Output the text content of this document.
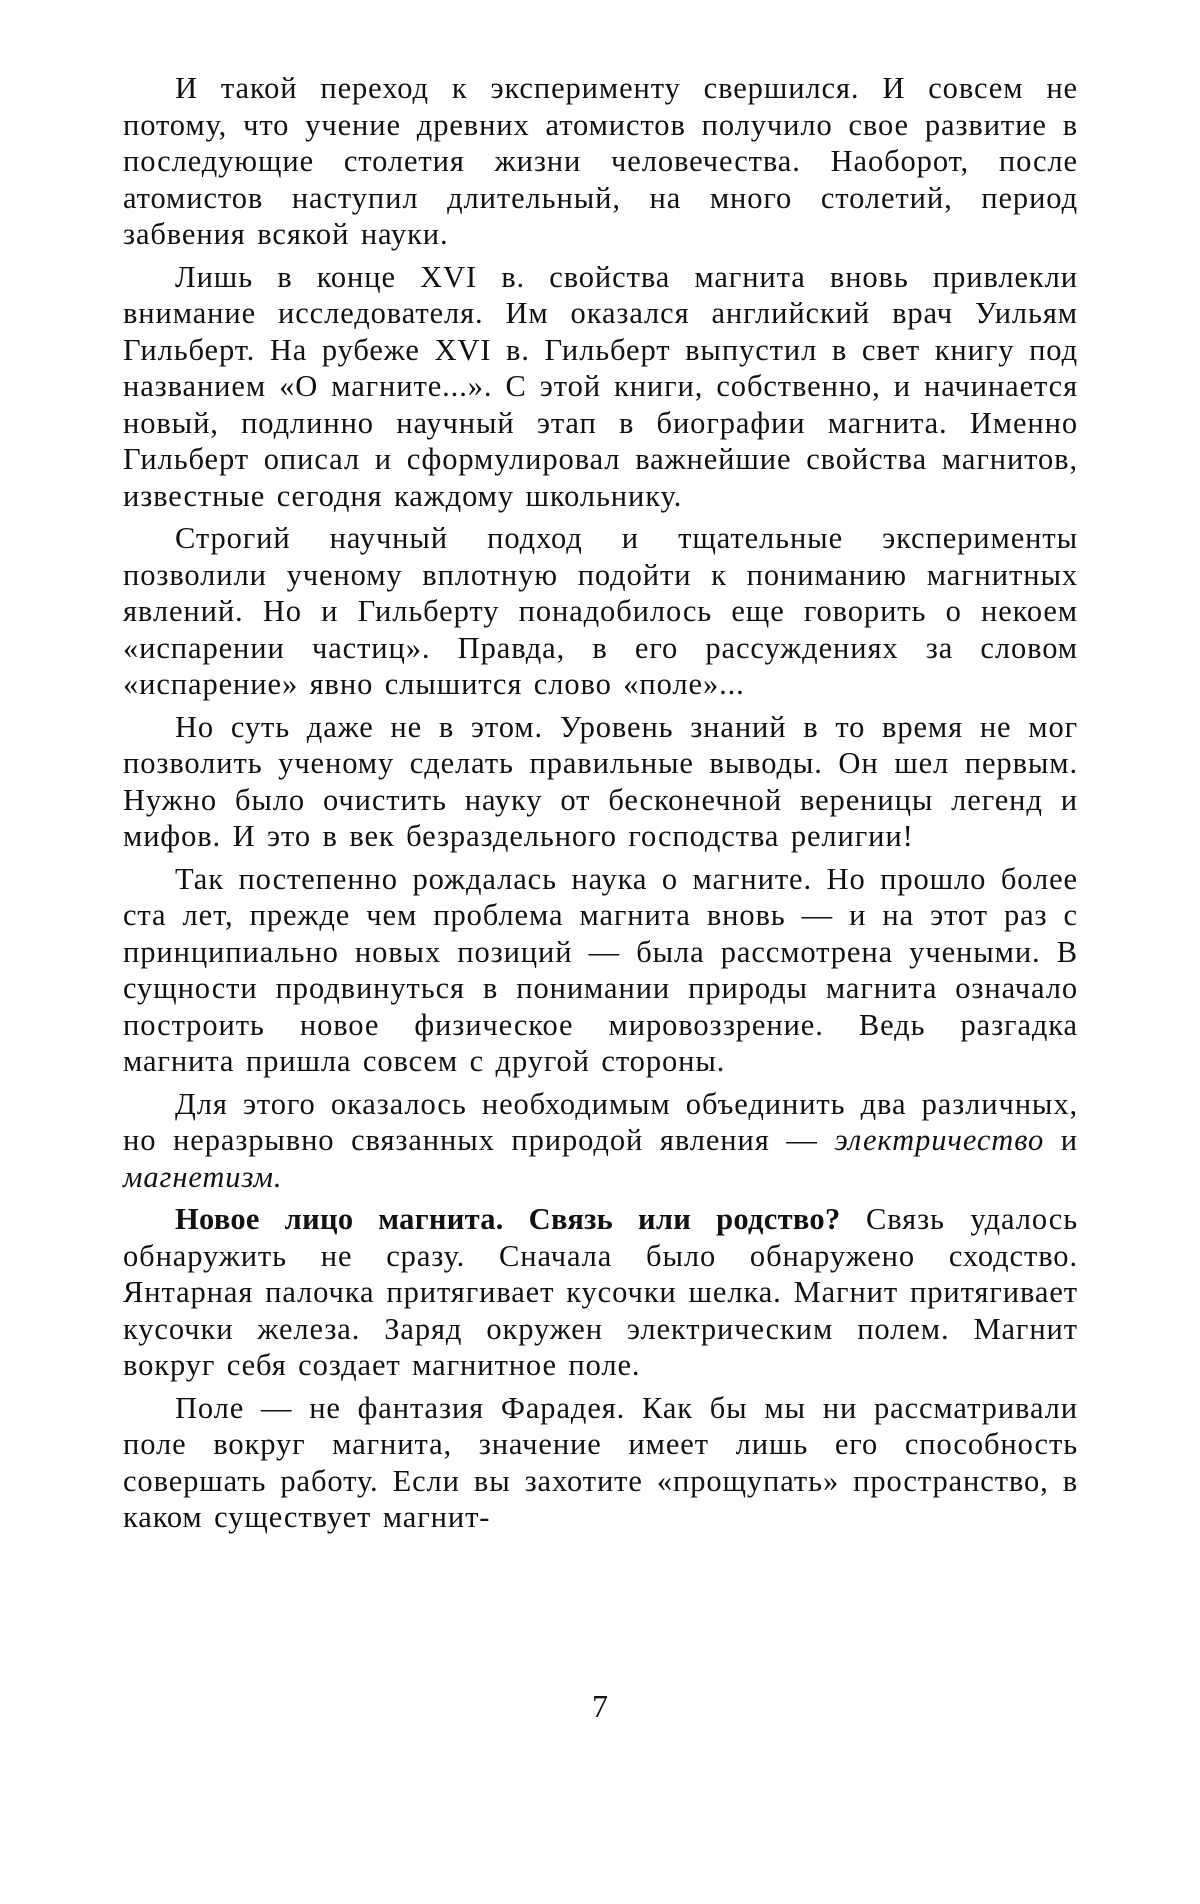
И такой переход к эксперименту свершился. И совсем не потому, что учение древних атомистов получило свое развитие в последующие столетия жизни человечества. Наоборот, после атомистов наступил длительный, на много столетий, период забвения всякой науки.

Лишь в конце XVI в. свойства магнита вновь привлекли внимание исследователя. Им оказался английский врач Уильям Гильберт. На рубеже XVI в. Гильберт выпустил в свет книгу под названием «О магните...». С этой книги, собственно, и начинается новый, подлинно научный этап в биографии магнита. Именно Гильберт описал и сформулировал важнейшие свойства магнитов, известные сегодня каждому школьнику.

Строгий научный подход и тщательные эксперименты позволили ученому вплотную подойти к пониманию магнитных явлений. Но и Гильберту понадобилось еще говорить о некоем «испарении частиц». Правда, в его рассуждениях за словом «испарение» явно слышится слово «поле»...

Но суть даже не в этом. Уровень знаний в то время не мог позволить ученому сделать правильные выводы. Он шел первым. Нужно было очистить науку от бесконечной вереницы легенд и мифов. И это в век безраздельного господства религии!

Так постепенно рождалась наука о магните. Но прошло более ста лет, прежде чем проблема магнита вновь — и на этот раз с принципиально новых позиций — была рассмотрена учеными. В сущности продвинуться в понимании природы магнита означало построить новое физическое мировоззрение. Ведь разгадка магнита пришла совсем с другой стороны.

Для этого оказалось необходимым объединить два различных, но неразрывно связанных природой явления — электричество и магнетизм.

Новое лицо магнита. Связь или родство? Связь удалось обнаружить не сразу. Сначала было обнаружено сходство. Янтарная палочка притягивает кусочки шелка. Магнит притягивает кусочки железа. Заряд окружен электрическим полем. Магнит вокруг себя создает магнитное поле.

Поле — не фантазия Фарадея. Как бы мы ни рассматривали поле вокруг магнита, значение имеет лишь его способность совершать работу. Если вы захотите «прощупать» пространство, в каком существует магнит-

7
